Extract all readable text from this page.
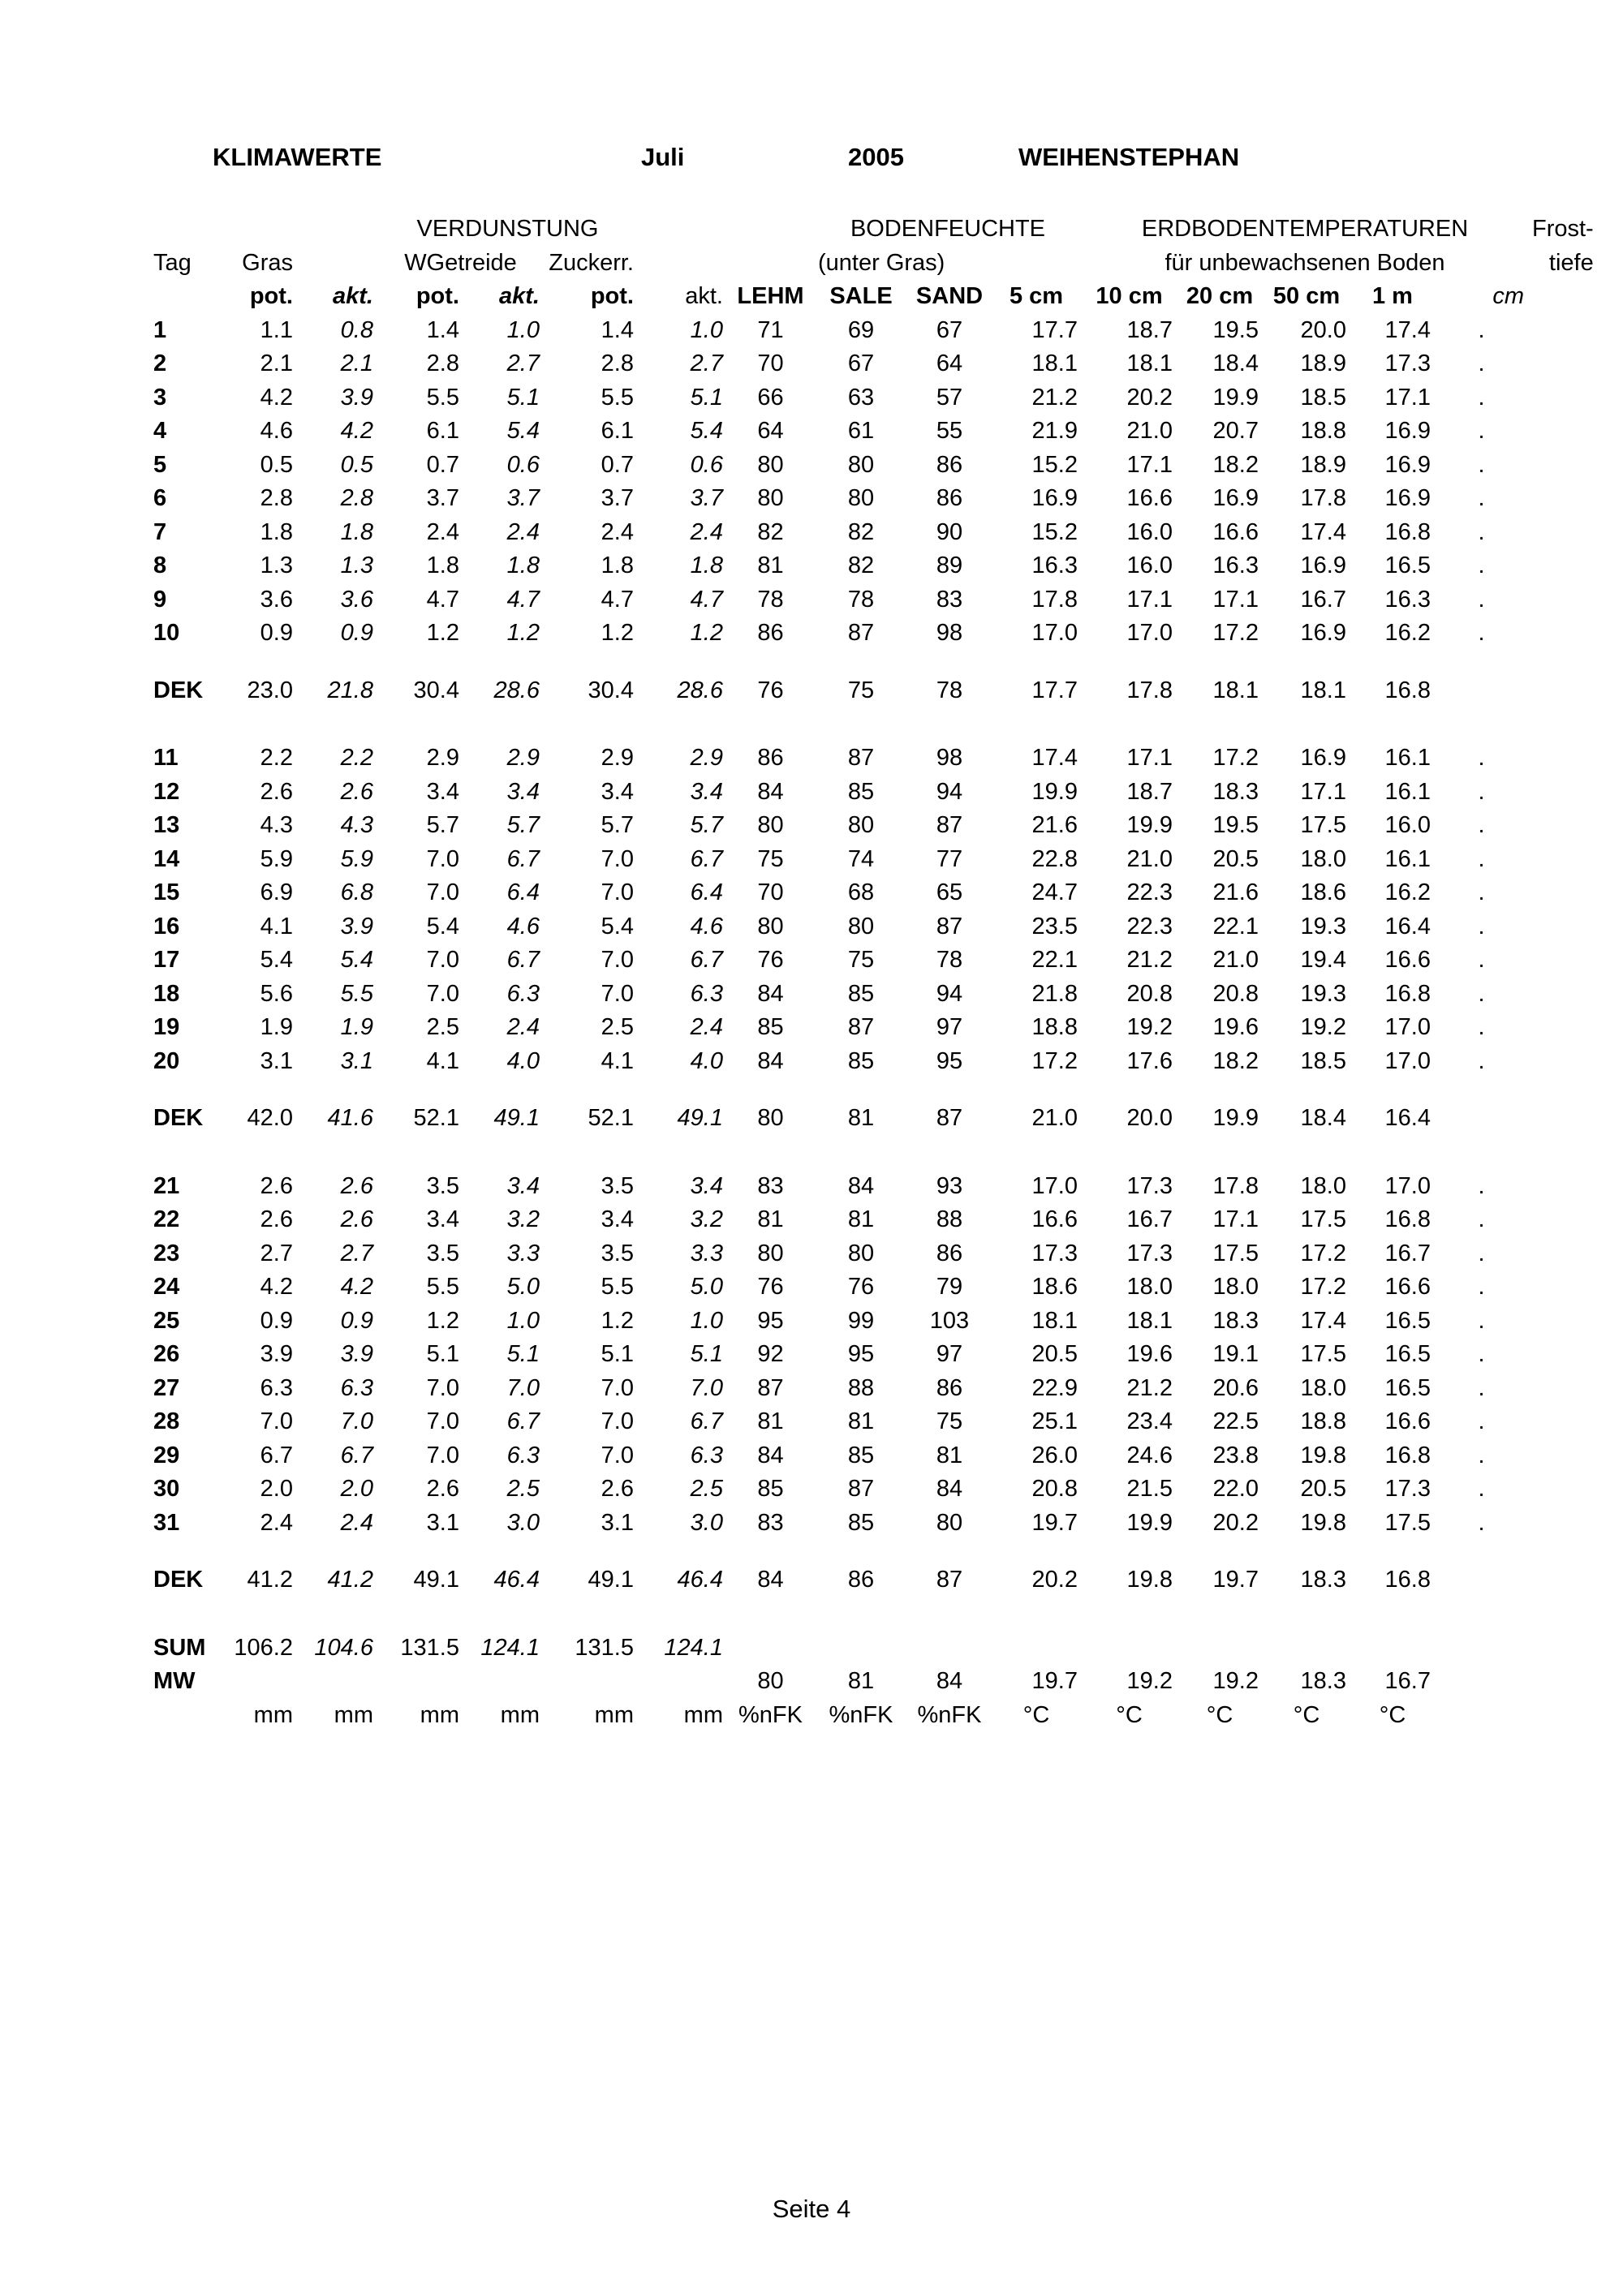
KLIMAWERTE	Juli	2005	WEIHENSTEPHAN
			VERDUNSTUNG					BODENFEUCHTE			ERDBODENTEMPERATUREN					Frost-
Tag	Gras		WGetreide		Zuckerr.			(unter Gras)			für unbewachsenen Boden					tiefe
	pot.	akt.	pot.	akt.	pot.	akt.	LEHM	SALE	SAND	5 cm	10 cm	20 cm	50 cm	1 m	cm	
1	1.1	0.8	1.4	1.0	1.4	1.0	71	69	67	17.7	18.7	19.5	20.0	17.4	.	
2	2.1	2.1	2.8	2.7	2.8	2.7	70	67	64	18.1	18.1	18.4	18.9	17.3	.	
3	4.2	3.9	5.5	5.1	5.5	5.1	66	63	57	21.2	20.2	19.9	18.5	17.1	.	
4	4.6	4.2	6.1	5.4	6.1	5.4	64	61	55	21.9	21.0	20.7	18.8	16.9	.	
5	0.5	0.5	0.7	0.6	0.7	0.6	80	80	86	15.2	17.1	18.2	18.9	16.9	.	
6	2.8	2.8	3.7	3.7	3.7	3.7	80	80	86	16.9	16.6	16.9	17.8	16.9	.	
7	1.8	1.8	2.4	2.4	2.4	2.4	82	82	90	15.2	16.0	16.6	17.4	16.8	.	
8	1.3	1.3	1.8	1.8	1.8	1.8	81	82	89	16.3	16.0	16.3	16.9	16.5	.	
9	3.6	3.6	4.7	4.7	4.7	4.7	78	78	83	17.8	17.1	17.1	16.7	16.3	.	
10	0.9	0.9	1.2	1.2	1.2	1.2	86	87	98	17.0	17.0	17.2	16.9	16.2	.	

DEK	23.0	21.8	30.4	28.6	30.4	28.6	76	75	78	17.7	17.8	18.1	18.1	16.8		

11	2.2	2.2	2.9	2.9	2.9	2.9	86	87	98	17.4	17.1	17.2	16.9	16.1	.	
12	2.6	2.6	3.4	3.4	3.4	3.4	84	85	94	19.9	18.7	18.3	17.1	16.1	.	
13	4.3	4.3	5.7	5.7	5.7	5.7	80	80	87	21.6	19.9	19.5	17.5	16.0	.	
14	5.9	5.9	7.0	6.7	7.0	6.7	75	74	77	22.8	21.0	20.5	18.0	16.1	.	
15	6.9	6.8	7.0	6.4	7.0	6.4	70	68	65	24.7	22.3	21.6	18.6	16.2	.	
16	4.1	3.9	5.4	4.6	5.4	4.6	80	80	87	23.5	22.3	22.1	19.3	16.4	.	
17	5.4	5.4	7.0	6.7	7.0	6.7	76	75	78	22.1	21.2	21.0	19.4	16.6	.	
18	5.6	5.5	7.0	6.3	7.0	6.3	84	85	94	21.8	20.8	20.8	19.3	16.8	.	
19	1.9	1.9	2.5	2.4	2.5	2.4	85	87	97	18.8	19.2	19.6	19.2	17.0	.	
20	3.1	3.1	4.1	4.0	4.1	4.0	84	85	95	17.2	17.6	18.2	18.5	17.0	.	

DEK	42.0	41.6	52.1	49.1	52.1	49.1	80	81	87	21.0	20.0	19.9	18.4	16.4		

21	2.6	2.6	3.5	3.4	3.5	3.4	83	84	93	17.0	17.3	17.8	18.0	17.0	.	
22	2.6	2.6	3.4	3.2	3.4	3.2	81	81	88	16.6	16.7	17.1	17.5	16.8	.	
23	2.7	2.7	3.5	3.3	3.5	3.3	80	80	86	17.3	17.3	17.5	17.2	16.7	.	
24	4.2	4.2	5.5	5.0	5.5	5.0	76	76	79	18.6	18.0	18.0	17.2	16.6	.	
25	0.9	0.9	1.2	1.0	1.2	1.0	95	99	103	18.1	18.1	18.3	17.4	16.5	.	
26	3.9	3.9	5.1	5.1	5.1	5.1	92	95	97	20.5	19.6	19.1	17.5	16.5	.	
27	6.3	6.3	7.0	7.0	7.0	7.0	87	88	86	22.9	21.2	20.6	18.0	16.5	.	
28	7.0	7.0	7.0	6.7	7.0	6.7	81	81	75	25.1	23.4	22.5	18.8	16.6	.	
29	6.7	6.7	7.0	6.3	7.0	6.3	84	85	81	26.0	24.6	23.8	19.8	16.8	.	
30	2.0	2.0	2.6	2.5	2.6	2.5	85	87	84	20.8	21.5	22.0	20.5	17.3	.	
31	2.4	2.4	3.1	3.0	3.1	3.0	83	85	80	19.7	19.9	20.2	19.8	17.5	.	

DEK	41.2	41.2	49.1	46.4	49.1	46.4	84	86	87	20.2	19.8	19.7	18.3	16.8		

SUM	106.2	104.6	131.5	124.1	131.5	124.1										
MW							80	81	84	19.7	19.2	19.2	18.3	16.7		
	mm	mm	mm	mm	mm	mm	%nFK	%nFK	%nFK	°C	°C	°C	°C	°C		
Seite 4
